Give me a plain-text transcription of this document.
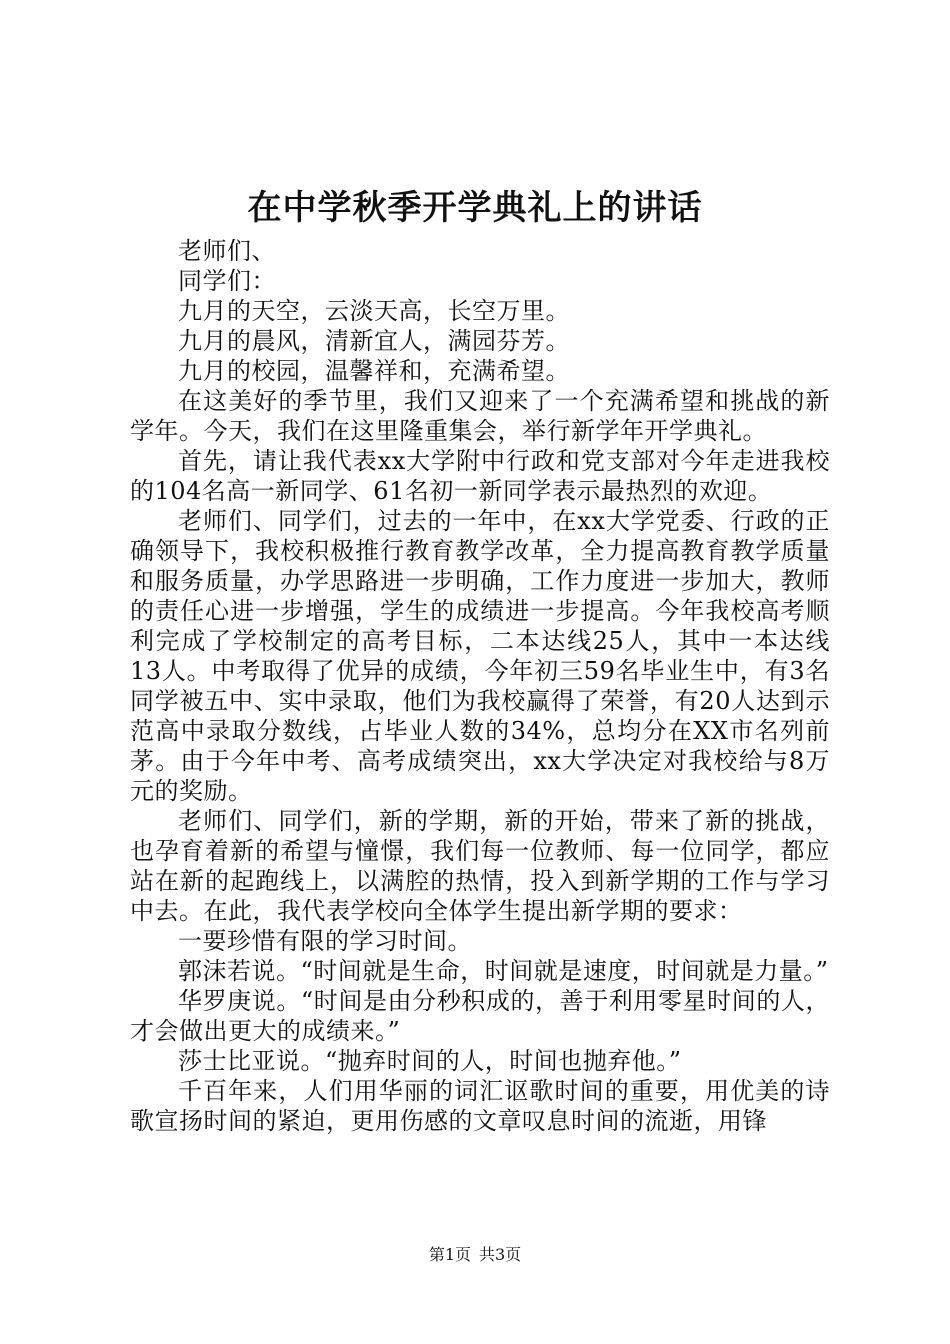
在中学秋季开学典礼上的讲话

老师们、

同学们：

九月的天空，云淡天高，长空万里。

九月的晨风，清新宜人，满园芬芳。

九月的校园，温馨祥和，充满希望。

在这美好的季节里，我们又迎来了一个充满希望和挑战的新学年。今天，我们在这里隆重集会，举行新学年开学典礼。

首先，请让我代表xx大学附中行政和党支部对今年走进我校的104名高一新同学、61名初一新同学表示最热烈的欢迎。

老师们、同学们，过去的一年中，在xx大学党委、行政的正确领导下，我校积极推行教育教学改革，全力提高教育教学质量和服务质量，办学思路进一步明确，工作力度进一步加大，教师的责任心进一步增强，学生的成绩进一步提高。今年我校高考顺利完成了学校制定的高考目标，二本达线25人，其中一本达线13人。中考取得了优异的成绩，今年初三59名毕业生中，有3名同学被五中、实中录取，他们为我校赢得了荣誉，有20人达到示范高中录取分数线，占毕业人数的34%，总均分在XX市名列前茅。由于今年中考、高考成绩突出，xx大学决定对我校给与8万元的奖励。

老师们、同学们，新的学期，新的开始，带来了新的挑战，也孕育着新的希望与憧憬，我们每一位教师、每一位同学，都应站在新的起跑线上，以满腔的热情，投入到新学期的工作与学习中去。在此，我代表学校向全体学生提出新学期的要求：

一要珍惜有限的学习时间。

郭沫若说。“时间就是生命，时间就是速度，时间就是力量。”

华罗庚说。“时间是由分秒积成的，善于利用零星时间的人，才会做出更大的成绩来。”

莎士比亚说。“抛弃时间的人，时间也抛弃他。”

千百年来，人们用华丽的词汇讴歌时间的重要，用优美的诗歌宣扬时间的紧迫，更用伤感的文章叹息时间的流逝，用锋

第1页 共3页
